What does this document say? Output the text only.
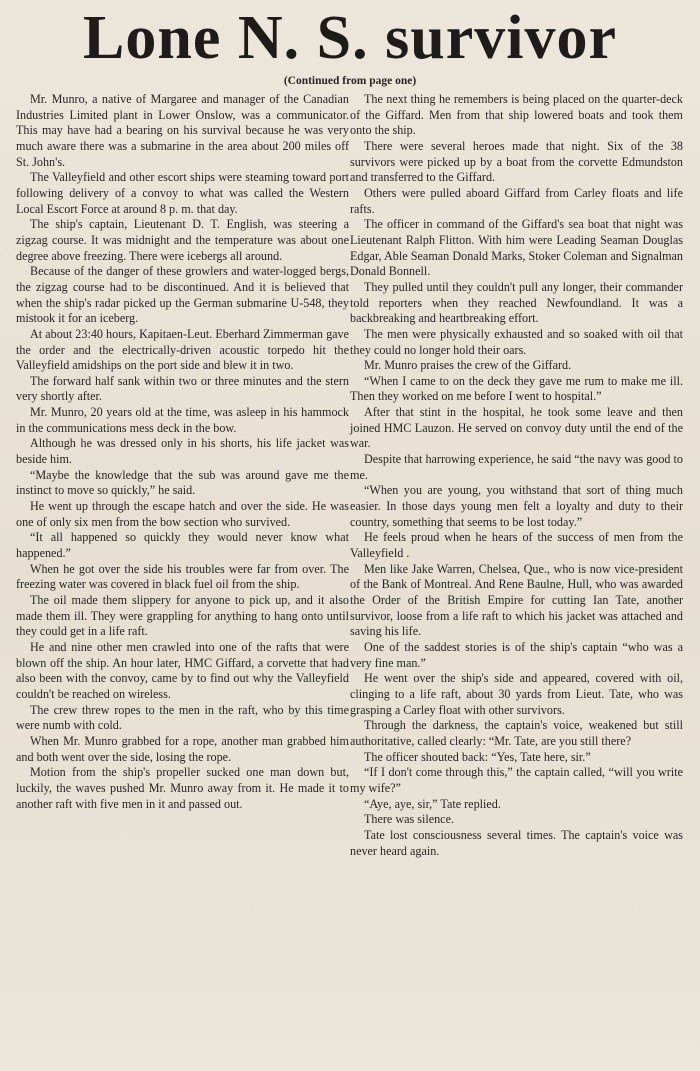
Lone N. S. survivor
(Continued from page one)

Mr. Munro, a native of Margaree and manager of the Canadian Industries Limited plant in Lower Onslow, was a communicator. This may have had a bearing on his survival because he was very much aware there was a submarine in the area about 200 miles off St. John's.

The Valleyfield and other escort ships were steaming toward port following delivery of a convoy to what was called the Western Local Escort Force at around 8 p. m. that day.

The ship's captain, Lieutenant D. T. English, was steering a zigzag course. It was midnight and the temperature was about one degree above freezing. There were icebergs all around.

Because of the danger of these growlers and water-logged bergs, the zigzag course had to be discontinued. And it is believed that when the ship's radar picked up the German submarine U-548, they mistook it for an iceberg.

At about 23:40 hours, Kapitaen-Leut. Eberhard Zimmerman gave the order and the electrically-driven acoustic torpedo hit the Valleyfield amidships on the port side and blew it in two.

The forward half sank within two or three minutes and the stern very shortly after.

Mr. Munro, 20 years old at the time, was asleep in his hammock in the communications mess deck in the bow.

Although he was dressed only in his shorts, his life jacket was beside him.

“Maybe the knowledge that the sub was around gave me the instinct to move so quickly,” he said.

He went up through the escape hatch and over the side. He was one of only six men from the bow section who survived.

“It all happened so quickly they would never know what happened.”

When he got over the side his troubles were far from over. The freezing water was covered in black fuel oil from the ship.

The oil made them slippery for anyone to pick up, and it also made them ill. They were grappling for anything to hang onto until they could get in a life raft.

He and nine other men crawled into one of the rafts that were blown off the ship. An hour later, HMC Giffard, a corvette that had also been with the convoy, came by to find out why the Valleyfield couldn't be reached on wireless.

The crew threw ropes to the men in the raft, who by this time were numb with cold.

When Mr. Munro grabbed for a rope, another man grabbed him and both went over the side, losing the rope.

Motion from the ship's propeller sucked one man down but, luckily, the waves pushed Mr. Munro away from it. He made it to another raft with five men in it and passed out.

The next thing he remembers is being placed on the quarter-deck of the Giffard. Men from that ship lowered boats and took them onto the ship.

There were several heroes made that night. Six of the 38 survivors were picked up by a boat from the corvette Edmundston and transferred to the Giffard.

Others were pulled aboard Giffard from Carley floats and life rafts.

The officer in command of the Giffard's sea boat that night was Lieutenant Ralph Flitton. With him were Leading Seaman Douglas Edgar, Able Seaman Donald Marks, Stoker Coleman and Signalman Donald Bonnell.

They pulled until they couldn't pull any longer, their commander told reporters when they reached Newfoundland. It was a backbreaking and heartbreaking effort.

The men were physically exhausted and so soaked with oil that they could no longer hold their oars.

Mr. Munro praises the crew of the Giffard.

“When I came to on the deck they gave me rum to make me ill. Then they worked on me before I went to hospital.”

After that stint in the hospital, he took some leave and then joined HMC Lauzon. He served on convoy duty until the end of the war.

Despite that harrowing experience, he said “the navy was good to me.

“When you are young, you withstand that sort of thing much easier. In those days young men felt a loyalty and duty to their country, something that seems to be lost today.”

He feels proud when he hears of the success of men from the Valleyfield .

Men like Jake Warren, Chelsea, Que., who is now vice-president of the Bank of Montreal. And Rene Baulne, Hull, who was awarded the Order of the British Empire for cutting Ian Tate, another survivor, loose from a life raft to which his jacket was attached and saving his life.

One of the saddest stories is of the ship's captain “who was a very fine man.”

He went over the ship's side and appeared, covered with oil, clinging to a life raft, about 30 yards from Lieut. Tate, who was grasping a Carley float with other survivors.

Through the darkness, the captain's voice, weakened but still authoritative, called clearly: “Mr. Tate, are you still there?

The officer shouted back: “Yes, Tate here, sir.”

“If I don't come through this,” the captain called, “will you write my wife?”

“Aye, aye, sir,” Tate replied.

There was silence.

Tate lost consciousness several times. The captain's voice was never heard again.
